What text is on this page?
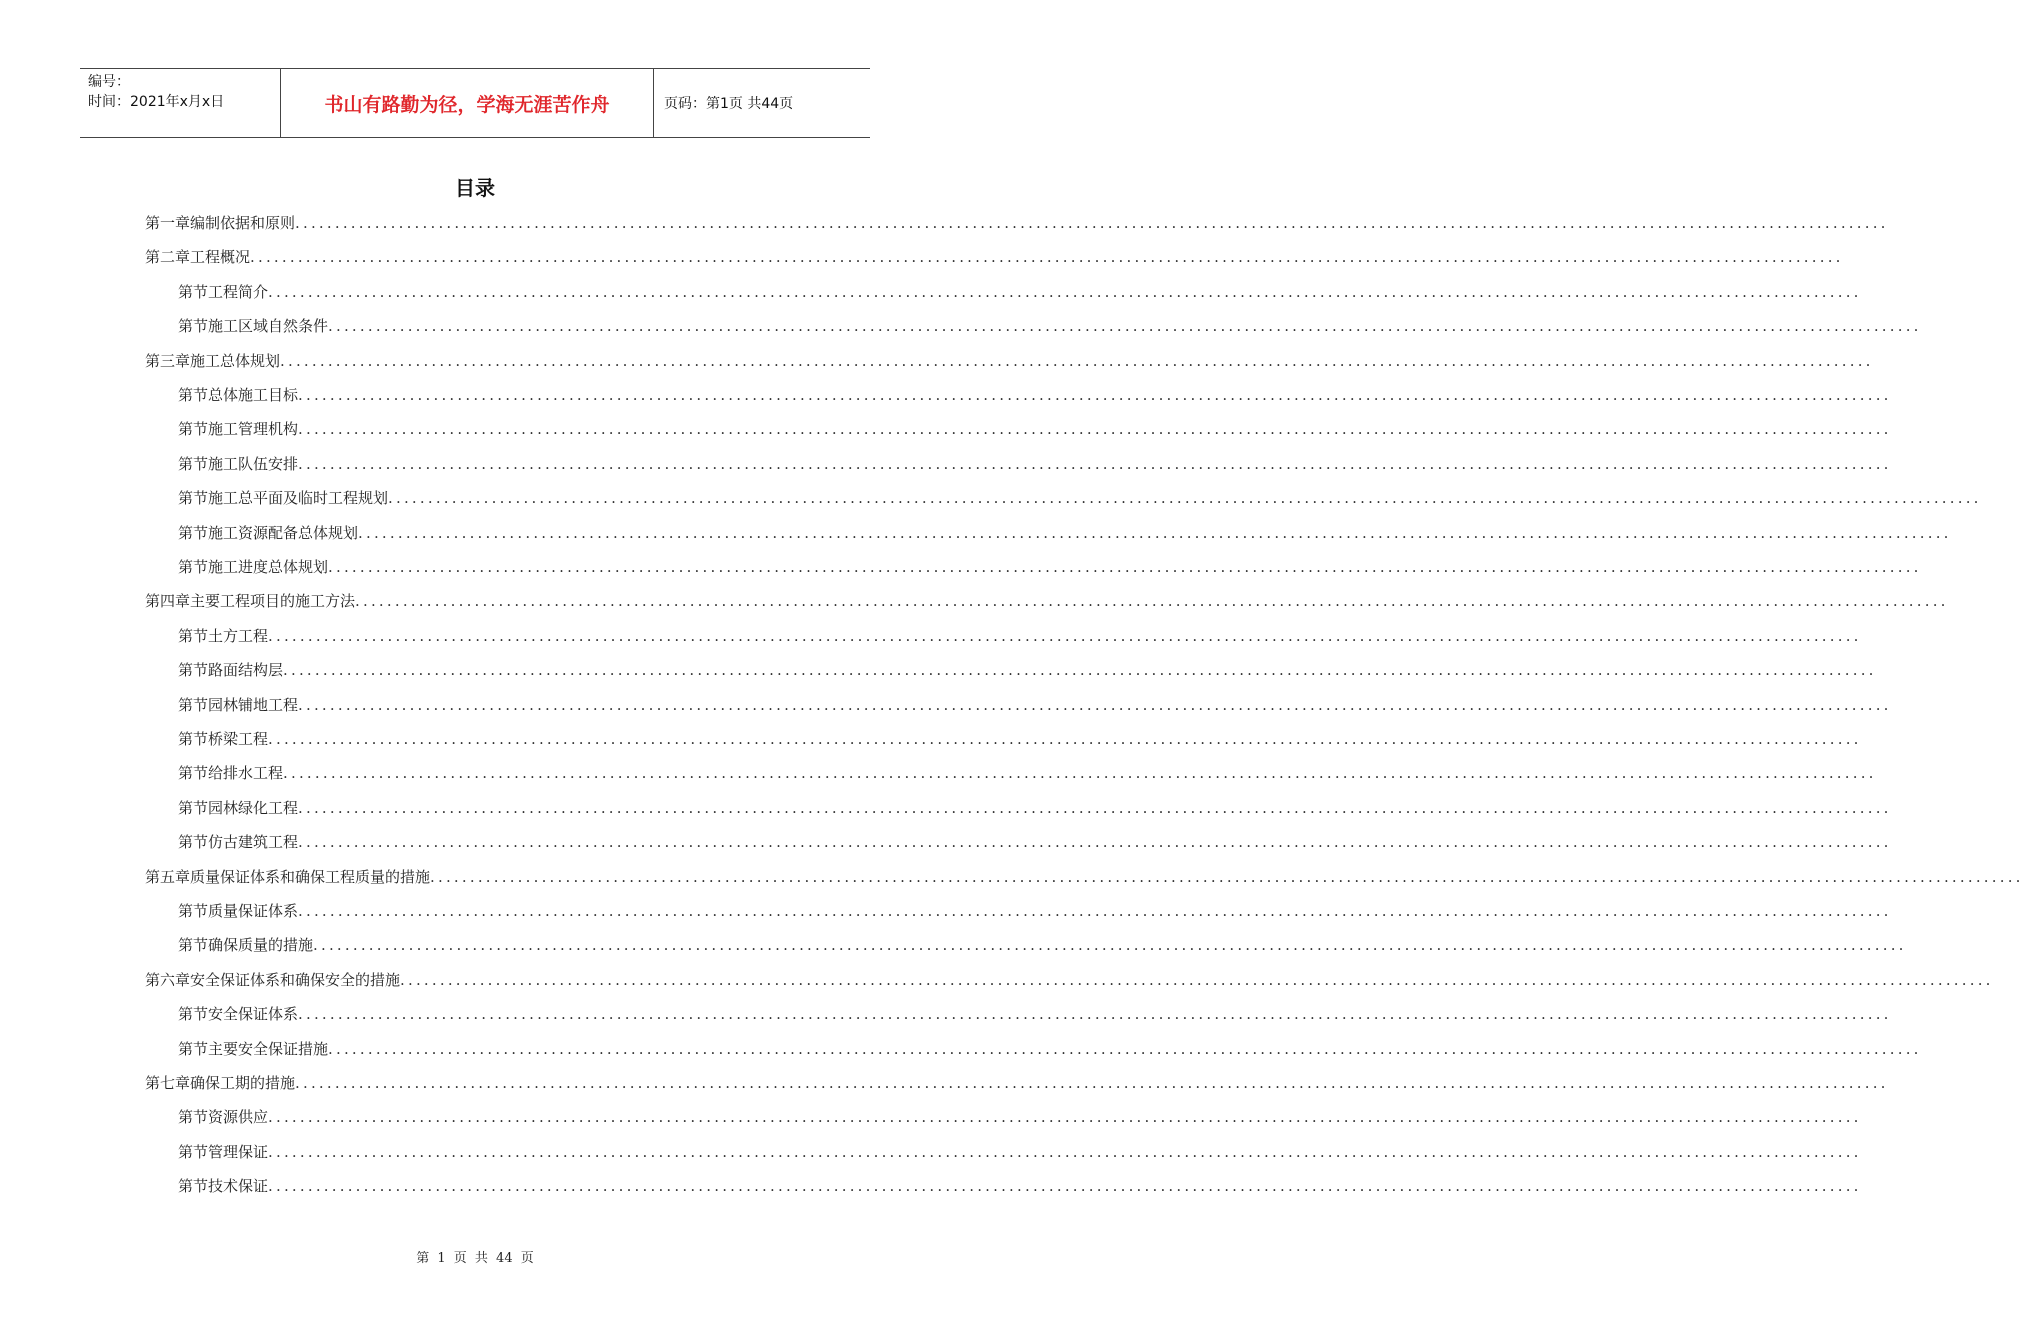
编号：
时间：2021年x月x日	书山有路勤为径，学海无涯苦作舟	页码：第1页 共44页
目录
第一章 编制依据和原则 ........................................................................................................................................................................................................
第二章 工程概况 ........................................................................................................................................................................................................
第节 工程简介 ........................................................................................................................................................................................................
第节 施工区域自然条件 ........................................................................................................................................................................................................
第三章 施工总体规划 ........................................................................................................................................................................................................
第节 总体施工目标 ........................................................................................................................................................................................................
第节 施工管理机构 ........................................................................................................................................................................................................
第节 施工队伍安排 ........................................................................................................................................................................................................
第节 施工总平面及临时工程规划 ........................................................................................................................................................................................................
第节 施工资源配备总体规划 ........................................................................................................................................................................................................
第节 施工进度总体规划 ........................................................................................................................................................................................................
第四章 主要工程项目的施工方法 ........................................................................................................................................................................................................
第节 土方工程 ........................................................................................................................................................................................................
第节 路面结构层 ........................................................................................................................................................................................................
第节 园林铺地工程 ........................................................................................................................................................................................................
第节 桥梁工程 ........................................................................................................................................................................................................
第节 给排水工程 ........................................................................................................................................................................................................
第节 园林绿化工程 ........................................................................................................................................................................................................
第节 仿古建筑工程 ........................................................................................................................................................................................................
第五章 质量保证体系和确保工程质量的措施 ........................................................................................................................................................................................................
第节 质量保证体系 ........................................................................................................................................................................................................
第节 确保质量的措施 ........................................................................................................................................................................................................
第六章 安全保证体系和确保安全的措施 ........................................................................................................................................................................................................
第节 安全保证体系 ........................................................................................................................................................................................................
第节 主要安全保证措施 ........................................................................................................................................................................................................
第七章 确保工期的措施 ........................................................................................................................................................................................................
第节 资源供应 ........................................................................................................................................................................................................
第节 管理保证 ........................................................................................................................................................................................................
第节 技术保证 ........................................................................................................................................................................................................
第 1 页 共 44 页
